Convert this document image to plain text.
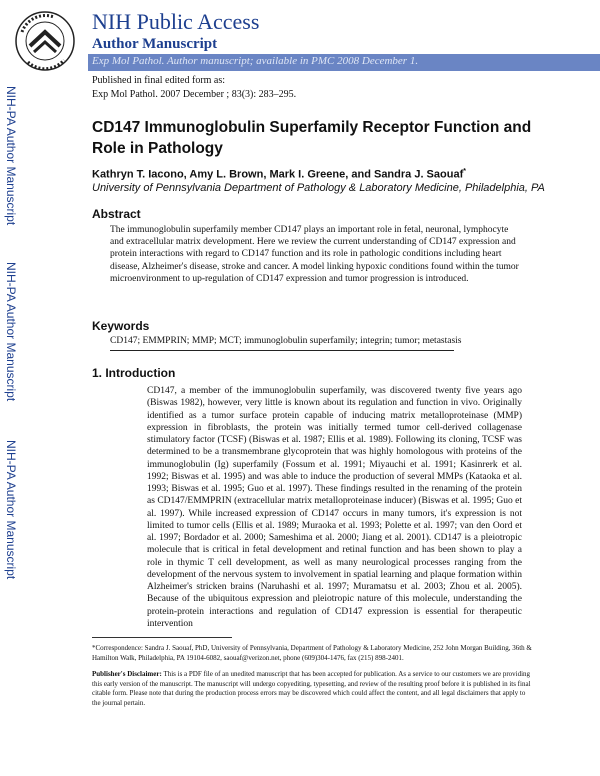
NIH Public Access
Author Manuscript
Exp Mol Pathol. Author manuscript; available in PMC 2008 December 1.
Published in final edited form as:
Exp Mol Pathol. 2007 December ; 83(3): 283–295.
NIH-PA Author Manuscript
NIH-PA Author Manuscript
NIH-PA Author Manuscript
CD147 Immunoglobulin Superfamily Receptor Function and Role in Pathology
Kathryn T. Iacono, Amy L. Brown, Mark I. Greene, and Sandra J. Saouaf*
University of Pennsylvania Department of Pathology & Laboratory Medicine, Philadelphia, PA
Abstract
The immunoglobulin superfamily member CD147 plays an important role in fetal, neuronal, lymphocyte and extracellular matrix development. Here we review the current understanding of CD147 expression and protein interactions with regard to CD147 function and its role in pathologic conditions including heart disease, Alzheimer's disease, stroke and cancer. A model linking hypoxic conditions found within the tumor microenvironment to up-regulation of CD147 expression and tumor progression is introduced.
Keywords
CD147; EMMPRIN; MMP; MCT; immunoglobulin superfamily; integrin; tumor; metastasis
1. Introduction

CD147, a member of the immunoglobulin superfamily, was discovered twenty five years ago (Biswas 1982), however, very little is known about its regulation and function in vivo. Originally identified as a tumor surface protein capable of inducing matrix metalloproteinase (MMP) expression in fibroblasts, the protein was initially termed tumor cell-derived collagenase stimulatory factor (TCSF) (Biswas et al. 1987; Ellis et al. 1989). Following its cloning, TCSF was determined to be a transmembrane glycoprotein that was highly homologous with proteins of the immunoglobulin (Ig) superfamily (Fossum et al. 1991; Miyauchi et al. 1991; Kasinrerk et al. 1992; Biswas et al. 1995) and was able to induce the production of several MMPs (Kataoka et al. 1993; Biswas et al. 1995; Guo et al. 1997). These findings resulted in the renaming of the protein as CD147/EMMPRIN (extracellular matrix metalloproteinase inducer) (Biswas et al. 1995; Guo et al. 1997). While increased expression of CD147 occurs in many tumors, it's expression is not limited to tumor cells (Ellis et al. 1989; Muraoka et al. 1993; Polette et al. 1997; van den Oord et al. 1997; Bordador et al. 2000; Sameshima et al. 2000; Jiang et al. 2001). CD147 is a pleiotropic molecule that is critical in fetal development and retinal function and has been shown to play a role in thymic T cell development, as well as many neurological processes ranging from the development of the nervous system to involvement in spatial learning and plaque formation within Alzheimer's stricken brains (Naruhashi et al. 1997; Muramatsu et al. 2003; Zhou et al. 2005). Because of the ubiquitous expression and pleiotropic nature of this molecule, understanding the protein-protein interactions and regulation of CD147 expression is essential for therapeutic intervention

*Correspondence: Sandra J. Saouaf, PhD, University of Pennsylvania, Department of Pathology & Laboratory Medicine, 252 John Morgan Building, 36th & Hamilton Walk, Philadelphia, PA 19104-6082, saouaf@verizon.net, phone (609)304-1476, fax (215) 898-2401.
Publisher's Disclaimer: This is a PDF file of an unedited manuscript that has been accepted for publication. As a service to our customers we are providing this early version of the manuscript. The manuscript will undergo copyediting, typesetting, and review of the resulting proof before it is published in its final citable form. Please note that during the production process errors may be discovered which could affect the content, and all legal disclaimers that apply to the journal pertain.
